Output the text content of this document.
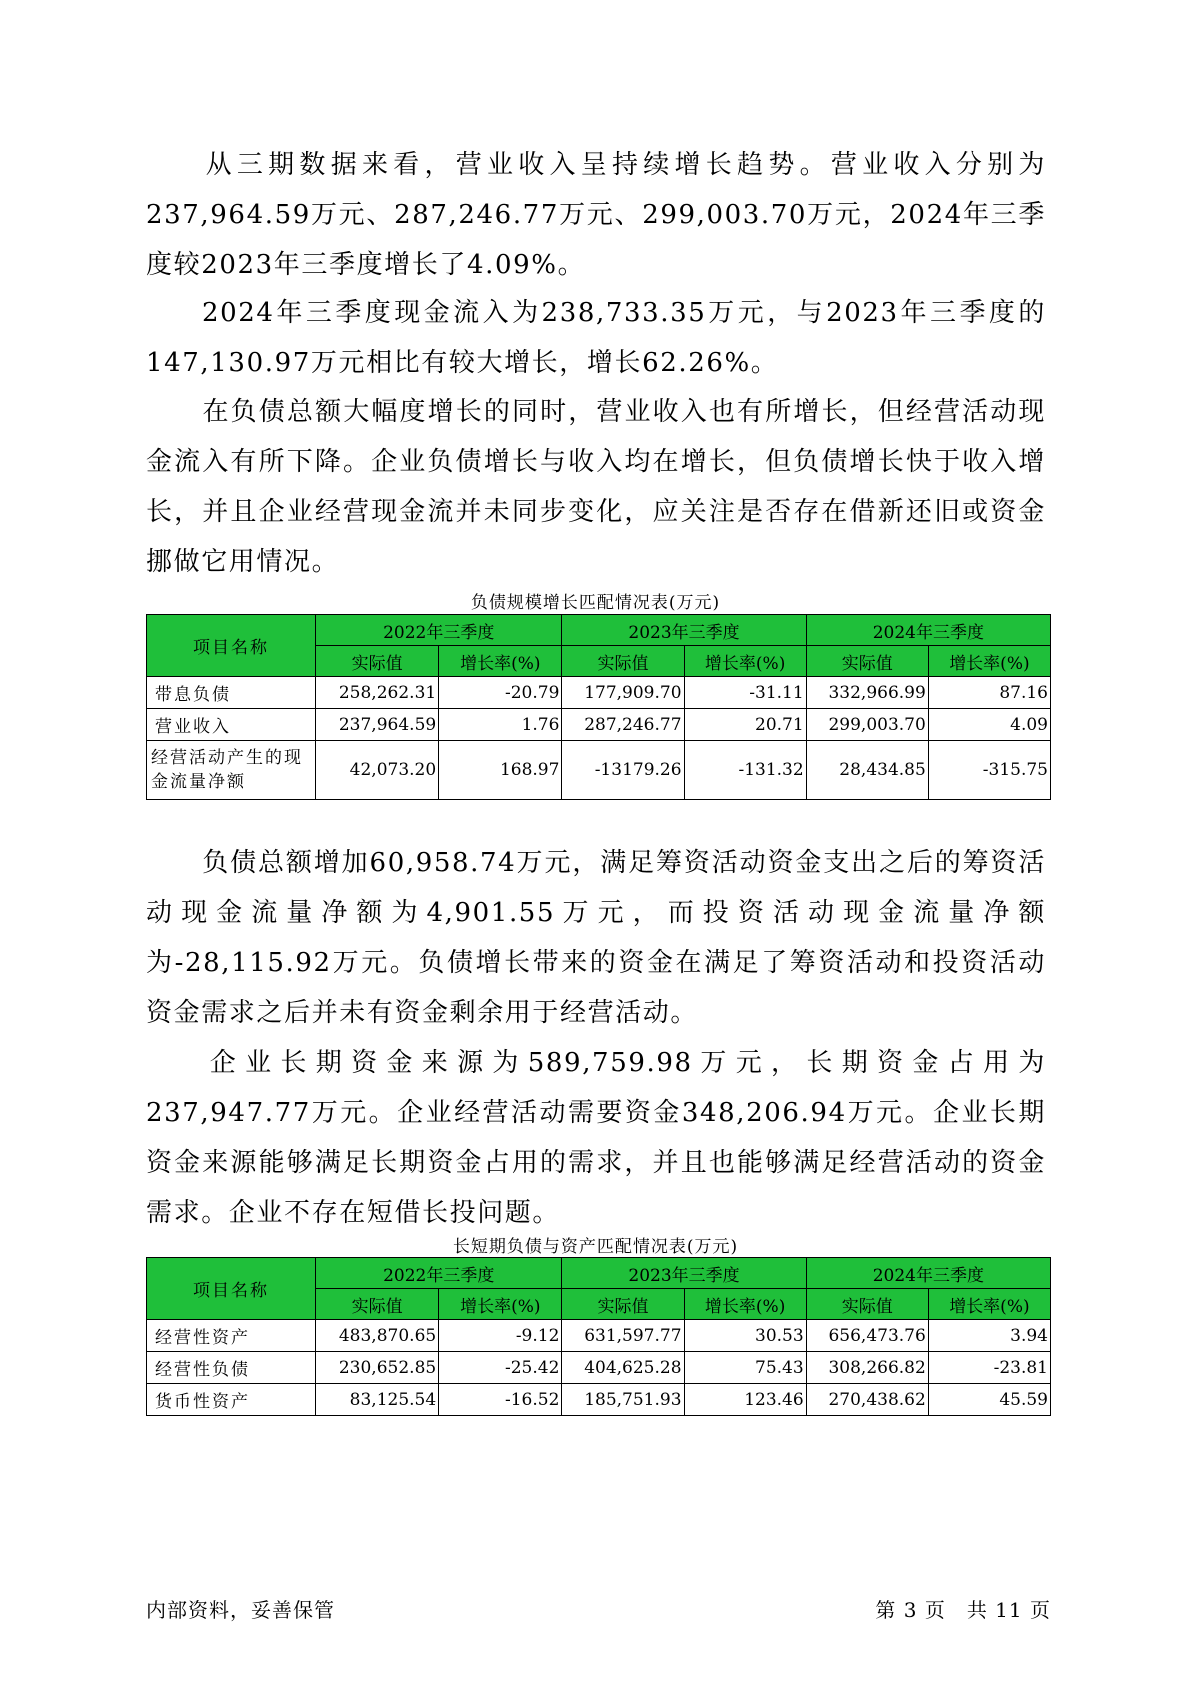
从三期数据来看，营业收入呈持续增长趋势。营业收入分别为237,964.59万元、287,246.77万元、299,003.70万元，2024年三季度较2023年三季度增长了4.09%。

2024年三季度现金流入为238,733.35万元，与2023年三季度的147,130.97万元相比有较大增长，增长62.26%。

在负债总额大幅度增长的同时，营业收入也有所增长，但经营活动现金流入有所下降。企业负债增长与收入均在增长，但负债增长快于收入增长，并且企业经营现金流并未同步变化，应关注是否存在借新还旧或资金挪做它用情况。

负债规模增长匹配情况表(万元)
项目名称	2022年三季度		2023年三季度		2024年三季度	
	实际值	增长率(%)	实际值	增长率(%)	实际值	增长率(%)
带息负债	258,262.31	-20.79	177,909.70	-31.11	332,966.99	87.16
营业收入	237,964.59	1.76	287,246.77	20.71	299,003.70	4.09
经营活动产生的现金流量净额	42,073.20	168.97	-13179.26	-131.32	28,434.85	-315.75

负债总额增加60,958.74万元，满足筹资活动资金支出之后的筹资活动现金流量净额为4,901.55万元，而投资活动现金流量净额为-28,115.92万元。负债增长带来的资金在满足了筹资活动和投资活动资金需求之后并未有资金剩余用于经营活动。

企业长期资金来源为589,759.98万元，长期资金占用为237,947.77万元。企业经营活动需要资金348,206.94万元。企业长期资金来源能够满足长期资金占用的需求，并且也能够满足经营活动的资金需求。企业不存在短借长投问题。

长短期负债与资产匹配情况表(万元)
项目名称	2022年三季度		2023年三季度		2024年三季度	
	实际值	增长率(%)	实际值	增长率(%)	实际值	增长率(%)
经营性资产	483,870.65	-9.12	631,597.77	30.53	656,473.76	3.94
经营性负债	230,652.85	-25.42	404,625.28	75.43	308,266.82	-23.81
货币性资产	83,125.54	-16.52	185,751.93	123.46	270,438.62	45.59
内部资料，妥善保管	第 3 页　共 11 页
